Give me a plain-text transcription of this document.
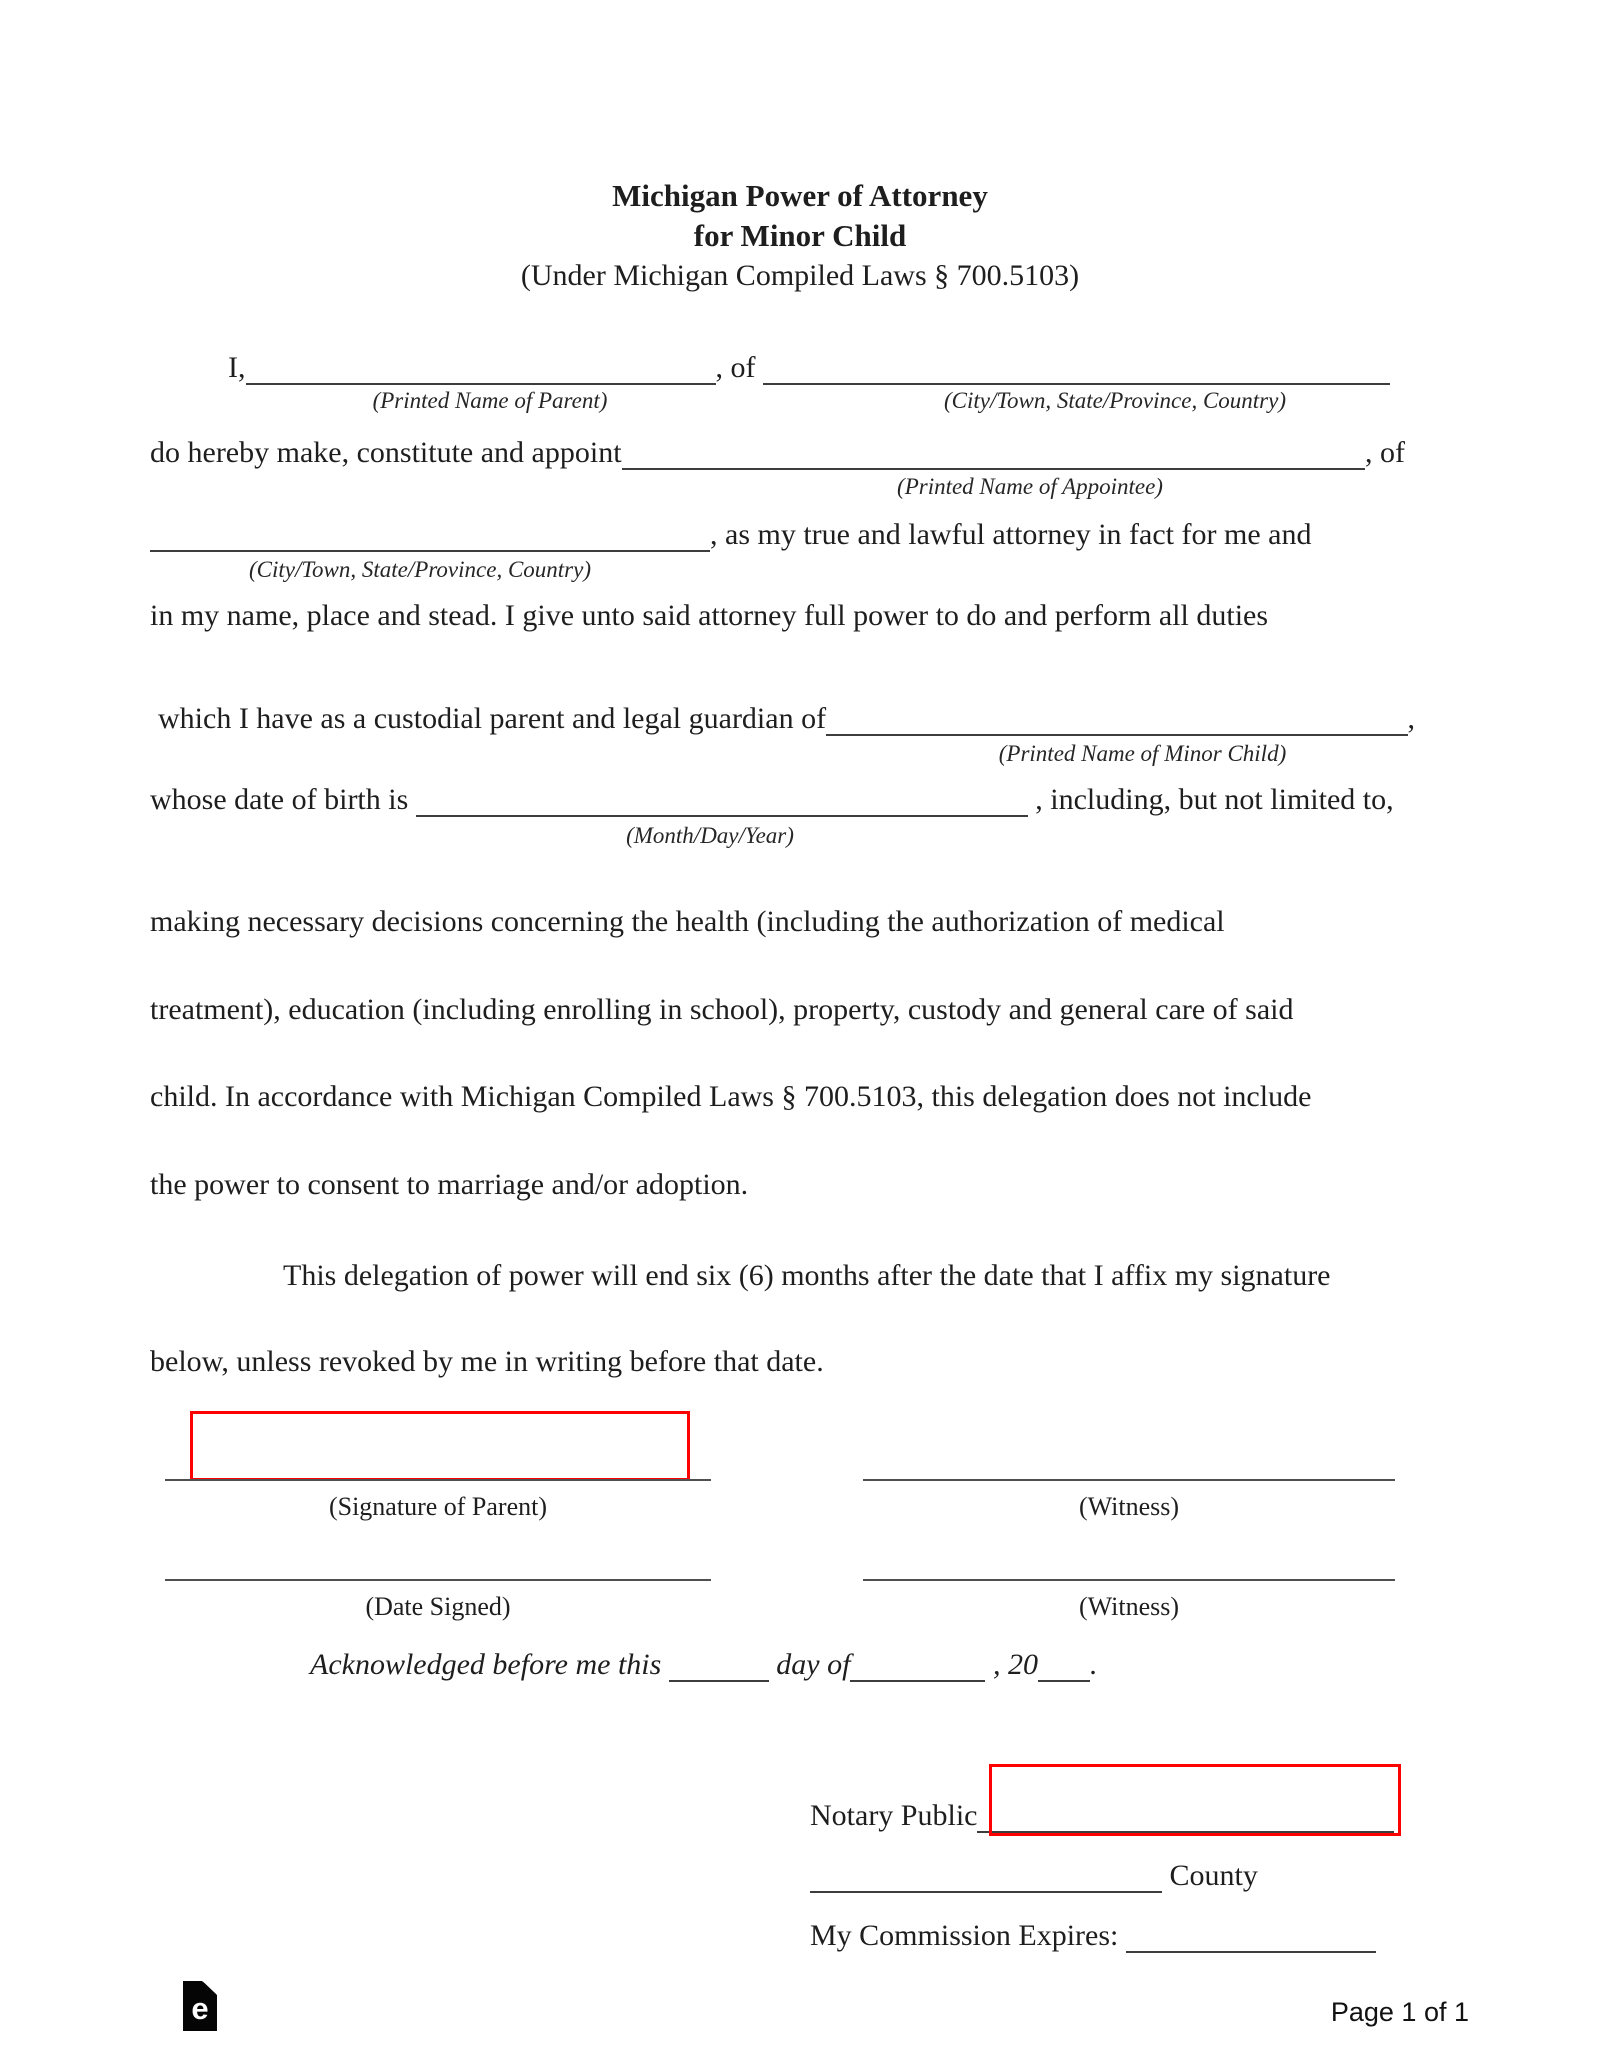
Michigan Power of Attorney
for Minor Child
(Under Michigan Compiled Laws § 700.5103)
I,	, of
(Printed Name of Parent)	(City/Town, State/Province, Country)
do hereby make, constitute and appoint	, of
(Printed Name of Appointee)
, as my true and lawful attorney in fact for me and
(City/Town, State/Province, Country)
in my name, place and stead. I give unto said attorney full power to do and perform all duties
which I have as a custodial parent and legal guardian of	,
(Printed Name of Minor Child)
whose date of birth is	, including, but not limited to,
(Month/Day/Year)
making necessary decisions concerning the health (including the authorization of medical
treatment), education (including enrolling in school), property, custody and general care of said
child. In accordance with Michigan Compiled Laws § 700.5103, this delegation does not include
the power to consent to marriage and/or adoption.
This delegation of power will end six (6) months after the date that I affix my signature
below, unless revoked by me in writing before that date.
(Signature of Parent)	(Witness)
(Date Signed)	(Witness)
Acknowledged before me this	day of	, 20 .
Notary Public
County
My Commission Expires:
e	Page 1 of 1
